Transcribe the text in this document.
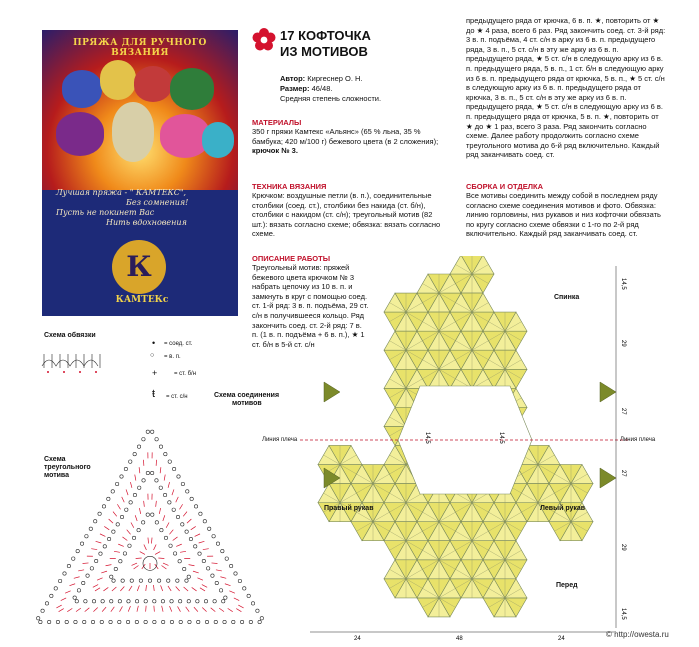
ПРЯЖА ДЛЯ РУЧНОГО ВЯЗАНИЯ
Лучшая пряжа - " КАМТЕКС",
Без сомнения!
Пусть не покинет Вас
Нить вдохновения
К
КАМТЕКс
17 КОФТОЧКА
ИЗ МОТИВОВ
Автор: Киргеснер О. Н.
Размер: 46/48.
Средняя степень сложности.
МАТЕРИАЛЫ
350 г пряжи Камтекс «Альянс» (65 % льна, 35 % бамбука; 420 м/100 г) бежевого цвета (в 2 сложения);
крючок № 3.
ТЕХНИКА ВЯЗАНИЯ
Крючком: воздушные петли (в. п.), соединительные столбики (соед. ст.), столбики без накида (ст. б/н), столбики с накидом (ст. с/н); треугольный мотив (82 шт.): вязать согласно схеме; обвязка: вязать согласно схеме.
ОПИСАНИЕ РАБОТЫ
Треугольный мотив: пряжей бежевого цвета крючком № 3 набрать цепочку из 10 в. п. и замкнуть в круг с помощью соед. ст. 1-й ряд: 3 в. п. подъёма, 29 ст. с/н в получившееся кольцо. Ряд закончить соед. ст. 2-й ряд: 7 в. п. (1 в. п. подъёма + 6 в. п.), ★ 1 ст. б/н в 5-й ст. с/н
предыдущего ряда от крючка, 6 в. п. ★, повторить от ★ до ★ 4 раза, всего 6 раз. Ряд закончить соед. ст. 3-й ряд: 3 в. п. подъёма, 4 ст. с/н в арку из 6 в. п. предыдущего ряда, 3 в. п., 5 ст. с/н в эту же арку из 6 в. п. предыдущего ряда, ★ 5 ст. с/н в следующую арку из 6 в. п. предыдущего ряда, 5 в. п., 1 ст. б/н в следующую арку из 6 в. п. предыдущего ряда от крючка, 5 в. п., ★ 5 ст. с/н в следующую арку из 6 в. п. предыдущего ряда от крючка, 3 в. п., 5 ст. с/н в эту же арку из 6 в. п. предыдущего ряда, ★ 5 ст. с/н в следующую арку из 6 в. п. предыдущего ряда от крючка, 5 в. п. ★, повторить от ★ до ★ 1 раз, всего 3 раза. Ряд закончить согласно схеме. Далее работу продолжить согласно схеме треугольного мотива до 6-й ряд включительно. Каждый ряд заканчивать соед. ст.
СБОРКА И ОТДЕЛКА
Все мотивы соединить между собой в последнем ряду согласно схеме соединения мотивов и фото. Обвязка: линию горловины, низ рукавов и низ кофточки обвязать по кругу согласно схеме обвязки с 1-го по 2-й ряд включительно. Каждый ряд заканчивать соед. ст.
Схема обвязки
• = соед. ст.
○ = в. п.
+	= ст. б/н
ŧ = ст. с/н	Схема соединения
мотивов
Схема
треугольного
мотива
14,5
29
27
27
29
14,5
24	48	24
14,5	14,5
Спинка
Перед
Линия плеча	Линия плеча
Правый рукав	Левый рукав
© http://owesta.ru
